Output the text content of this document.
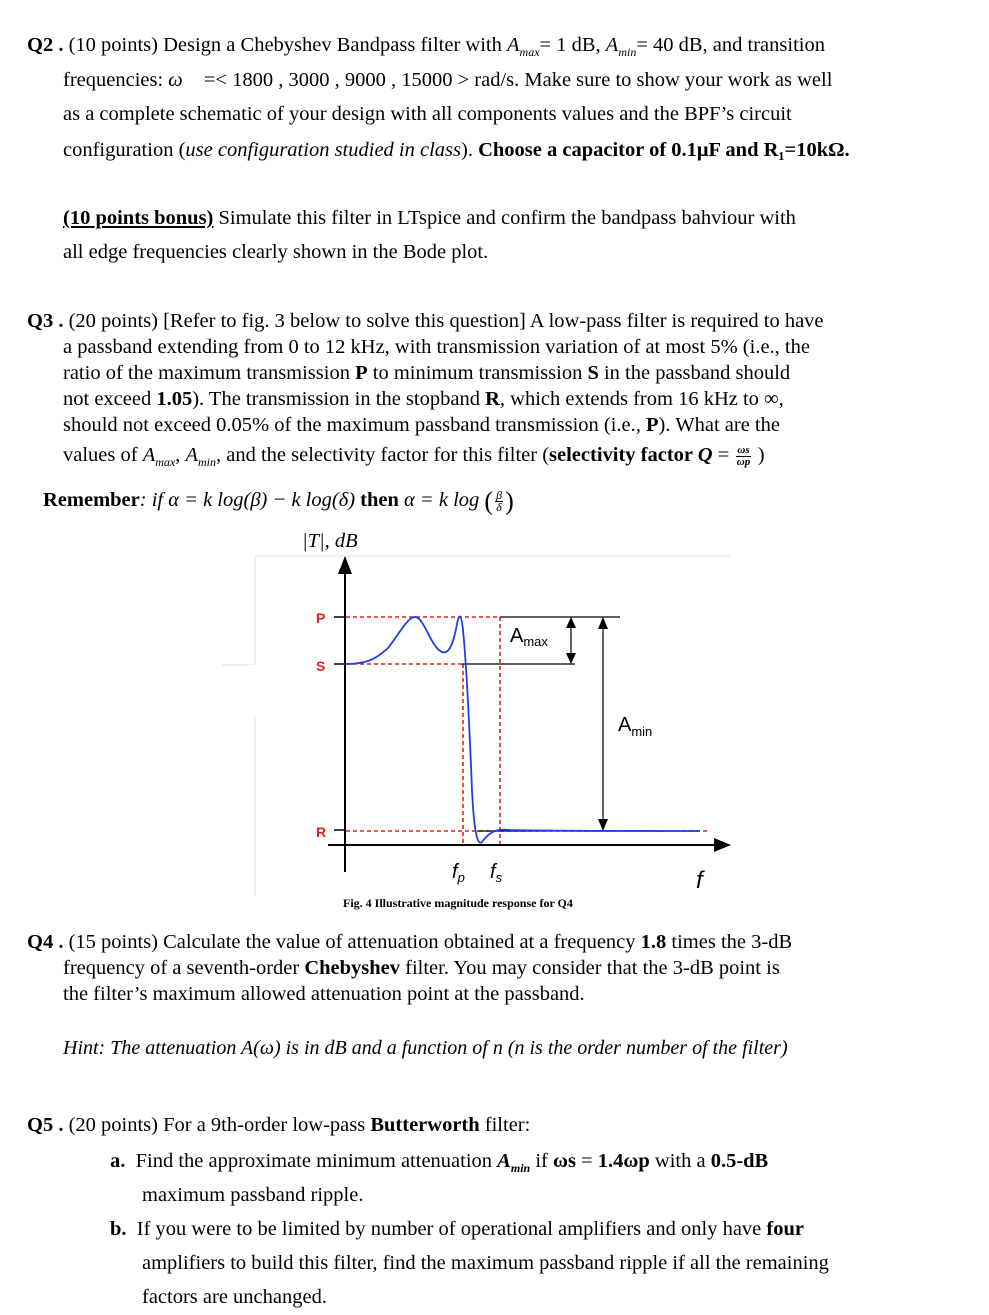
Q2 . (10 points) Design a Chebyshev Bandpass filter with $A_{max}= 1$ dB, $A_{min}= 40$ dB, and transition
frequencies: ω⃗ =< 1800 , 3000 , 9000 , 15000 > rad/s. Make sure to show your work as well
as a complete schematic of your design with all components values and the BPF’s circuit
configuration (use configuration studied in class). Choose a capacitor of 0.1μF and R₁=10kΩ.
(10 points bonus) Simulate this filter in LTspice and confirm the bandpass bahviour with
all edge frequencies clearly shown in the Bode plot.
Q3 . (20 points) [Refer to fig. 3 below to solve this question] A low-pass filter is required to have
a passband extending from 0 to 12 kHz, with transmission variation of at most 5% (i.e., the
ratio of the maximum transmission P to minimum transmission S in the passband should
not exceed 1.05). The transmission in the stopband R, which extends from 16 kHz to ∞,
should not exceed 0.05% of the maximum passband transmission (i.e., P). What are the
values of $A_{max}$, $A_{min}$, and the selectivity factor for this filter (selectivity factor $Q = \frac{\omega s}{\omega p}$ )
Remember: if α = k log(β) − k log(δ) then α = k log ( $\frac{\beta}{\delta}$ )
|T|, dB
P
S
R
$A_{max}$
$A_{min}$
$f_p$ $f_s$	f
Fig. 4 Illustrative magnitude response for Q4
Q4 . (15 points) Calculate the value of attenuation obtained at a frequency 1.8 times the 3-dB
frequency of a seventh-order Chebyshev filter. You may consider that the 3-dB point is
the filter’s maximum allowed attenuation point at the passband.
Hint: The attenuation A(ω) is in dB and a function of n (n is the order number of the filter)
Q5 . (20 points) For a 9th-order low-pass Butterworth filter:
a. Find the approximate minimum attenuation $A_{min}$ if ωs = 1.4ωp with a 0.5-dB
maximum passband ripple.
b. If you were to be limited by number of operational amplifiers and only have four
amplifiers to build this filter, find the maximum passband ripple if all the remaining
factors are unchanged.
